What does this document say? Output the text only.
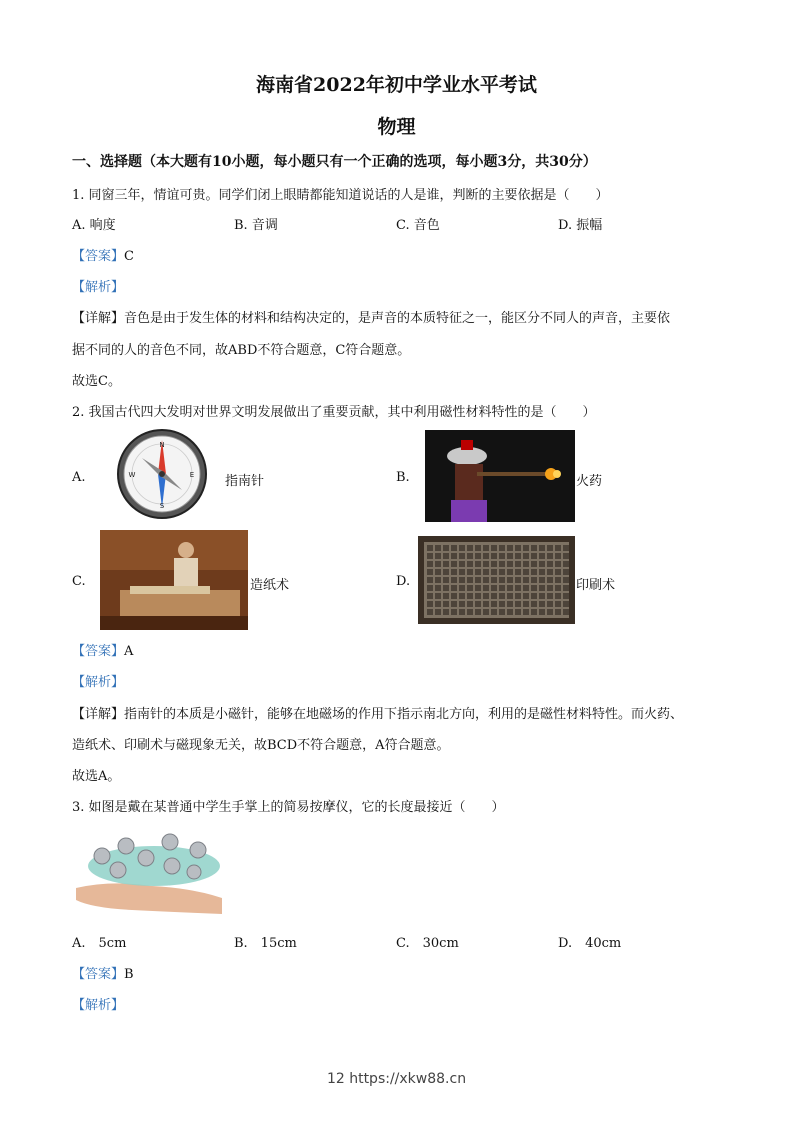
海南省2022年初中学业水平考试
物理
一、选择题（本大题有10小题，每小题只有一个正确的选项，每小题3分，共30分）
1. 同窗三年，情谊可贵。同学们闭上眼睛都能知道说话的人是谁，判断的主要依据是（　　）
A. 响度	B. 音调	C. 音色	D. 振幅
【答案】C
【解析】
【详解】音色是由于发生体的材料和结构决定的，是声音的本质特征之一，能区分不同人的声音，主要依
据不同的人的音色不同，故ABD不符合题意，C符合题意。
故选C。
2. 我国古代四大发明对世界文明发展做出了重要贡献，其中利用磁性材料特性的是（　　）
A.
N
S
E
W	指南针	B.	火药
C.	造纸术	D.	印刷术
【答案】A
【解析】
【详解】指南针的本质是小磁针，能够在地磁场的作用下指示南北方向，利用的是磁性材料特性。而火药、
造纸术、印刷术与磁现象无关，故BCD不符合题意，A符合题意。
故选A。
3. 如图是戴在某普通中学生手掌上的简易按摩仪，它的长度最接近（　　）
A.　5cm	B.　15cm	C.　30cm	D.　40cm
【答案】B
【解析】
12 https://xkw88.cn
